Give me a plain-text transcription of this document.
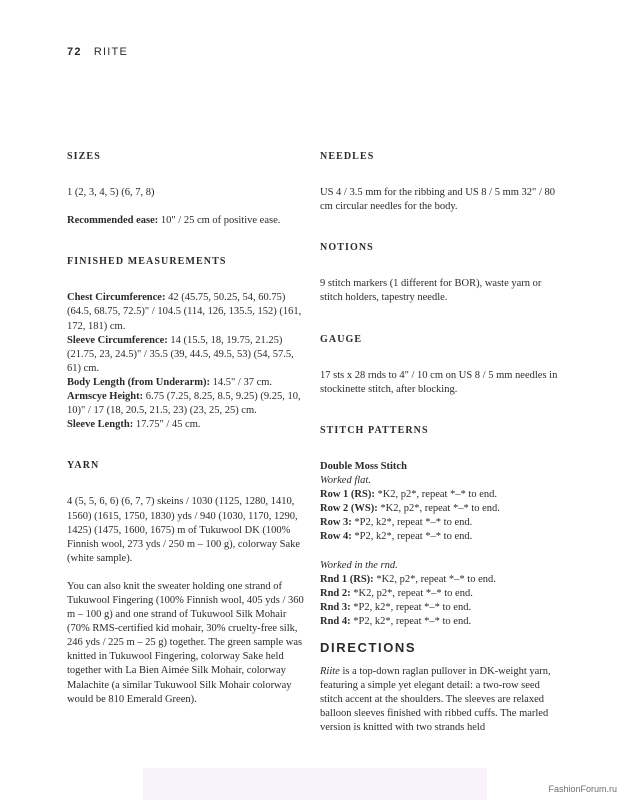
72 RIITE
SIZES

1 (2, 3, 4, 5) (6, 7, 8)

Recommended ease: 10" / 25 cm of positive ease.

FINISHED MEASUREMENTS

Chest Circumference: 42 (45.75, 50.25, 54, 60.75) (64.5, 68.75, 72.5)" / 104.5 (114, 126, 135.5, 152) (161, 172, 181) cm.

Sleeve Circumference: 14 (15.5, 18, 19.75, 21.25) (21.75, 23, 24.5)" / 35.5 (39, 44.5, 49.5, 53) (54, 57.5, 61) cm.

Body Length (from Underarm): 14.5" / 37 cm.

Armscye Height: 6.75 (7.25, 8.25, 8.5, 9.25) (9.25, 10, 10)" / 17 (18, 20.5, 21.5, 23) (23, 25, 25) cm.

Sleeve Length: 17.75" / 45 cm.

YARN

4 (5, 5, 6, 6) (6, 7, 7) skeins / 1030 (1125, 1280, 1410, 1560) (1615, 1750, 1830) yds / 940 (1030, 1170, 1290, 1425) (1475, 1600, 1675) m of Tukuwool DK (100% Finnish wool, 273 yds / 250 m – 100 g), colorway Sake (white sample).

You can also knit the sweater holding one strand of Tukuwool Fingering (100% Finnish wool, 405 yds / 360 m – 100 g) and one strand of Tukuwool Silk Mohair (70% RMS-certified kid mohair, 30% cruelty-free silk, 246 yds / 225 m – 25 g) together. The green sample was knitted in Tukuwool Fingering, colorway Sake held together with La Bien Aimée Silk Mohair, colorway Malachite (a similar Tukuwool Silk Mohair colorway would be 810 Emerald Green).

NEEDLES

US 4 / 3.5 mm for the ribbing and US 8 / 5 mm 32" / 80 cm circular needles for the body.

NOTIONS

9 stitch markers (1 different for BOR), waste yarn or stitch holders, tapestry needle.

GAUGE

17 sts x 28 rnds to 4" / 10 cm on US 8 / 5 mm needles in stockinette stitch, after blocking.

STITCH PATTERNS

Double Moss Stitch

Worked flat.

Row 1 (RS): *K2, p2*, repeat *–* to end.

Row 2 (WS): *K2, p2*, repeat *–* to end.

Row 3: *P2, k2*, repeat *–* to end.

Row 4: *P2, k2*, repeat *–* to end.

Worked in the rnd.

Rnd 1 (RS): *K2, p2*, repeat *–* to end.

Rnd 2: *K2, p2*, repeat *–* to end.

Rnd 3: *P2, k2*, repeat *–* to end.

Rnd 4: *P2, k2*, repeat *–* to end.

DIRECTIONS

Riite is a top-down raglan pullover in DK-weight yarn, featuring a simple yet elegant detail: a two-row seed stitch accent at the shoulders. The sleeves are relaxed balloon sleeves finished with ribbed cuffs. The marled version is knitted with two strands held

FashionForum.ru
